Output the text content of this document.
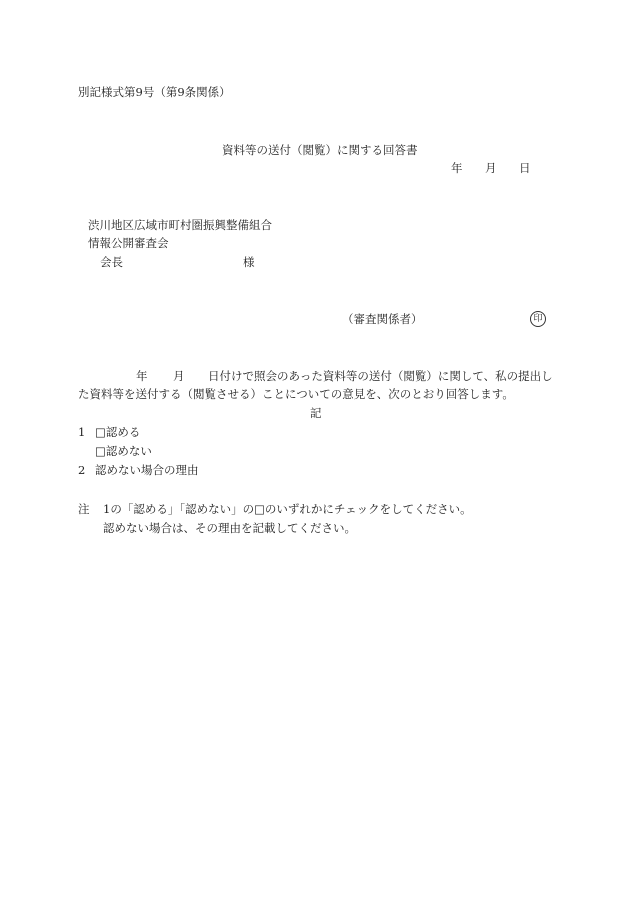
別記様式第9号（第9条関係）
資料等の送付（閲覧）に関する回答書
年 月 日
渋川地区広域市町村圏振興整備組合
情報公開審査会
会長	様
（審査関係者）	印
年 月 日付けで照会のあった資料等の送付（閲覧）に関して、私の提出し
た資料等を送付する（閲覧させる）ことについての意見を、次のとおり回答します。
記
1 □認める
□認めない
2 認めない場合の理由
注 1の「認める」「認めない」の□のいずれかにチェックをしてください。
認めない場合は、その理由を記載してください。
